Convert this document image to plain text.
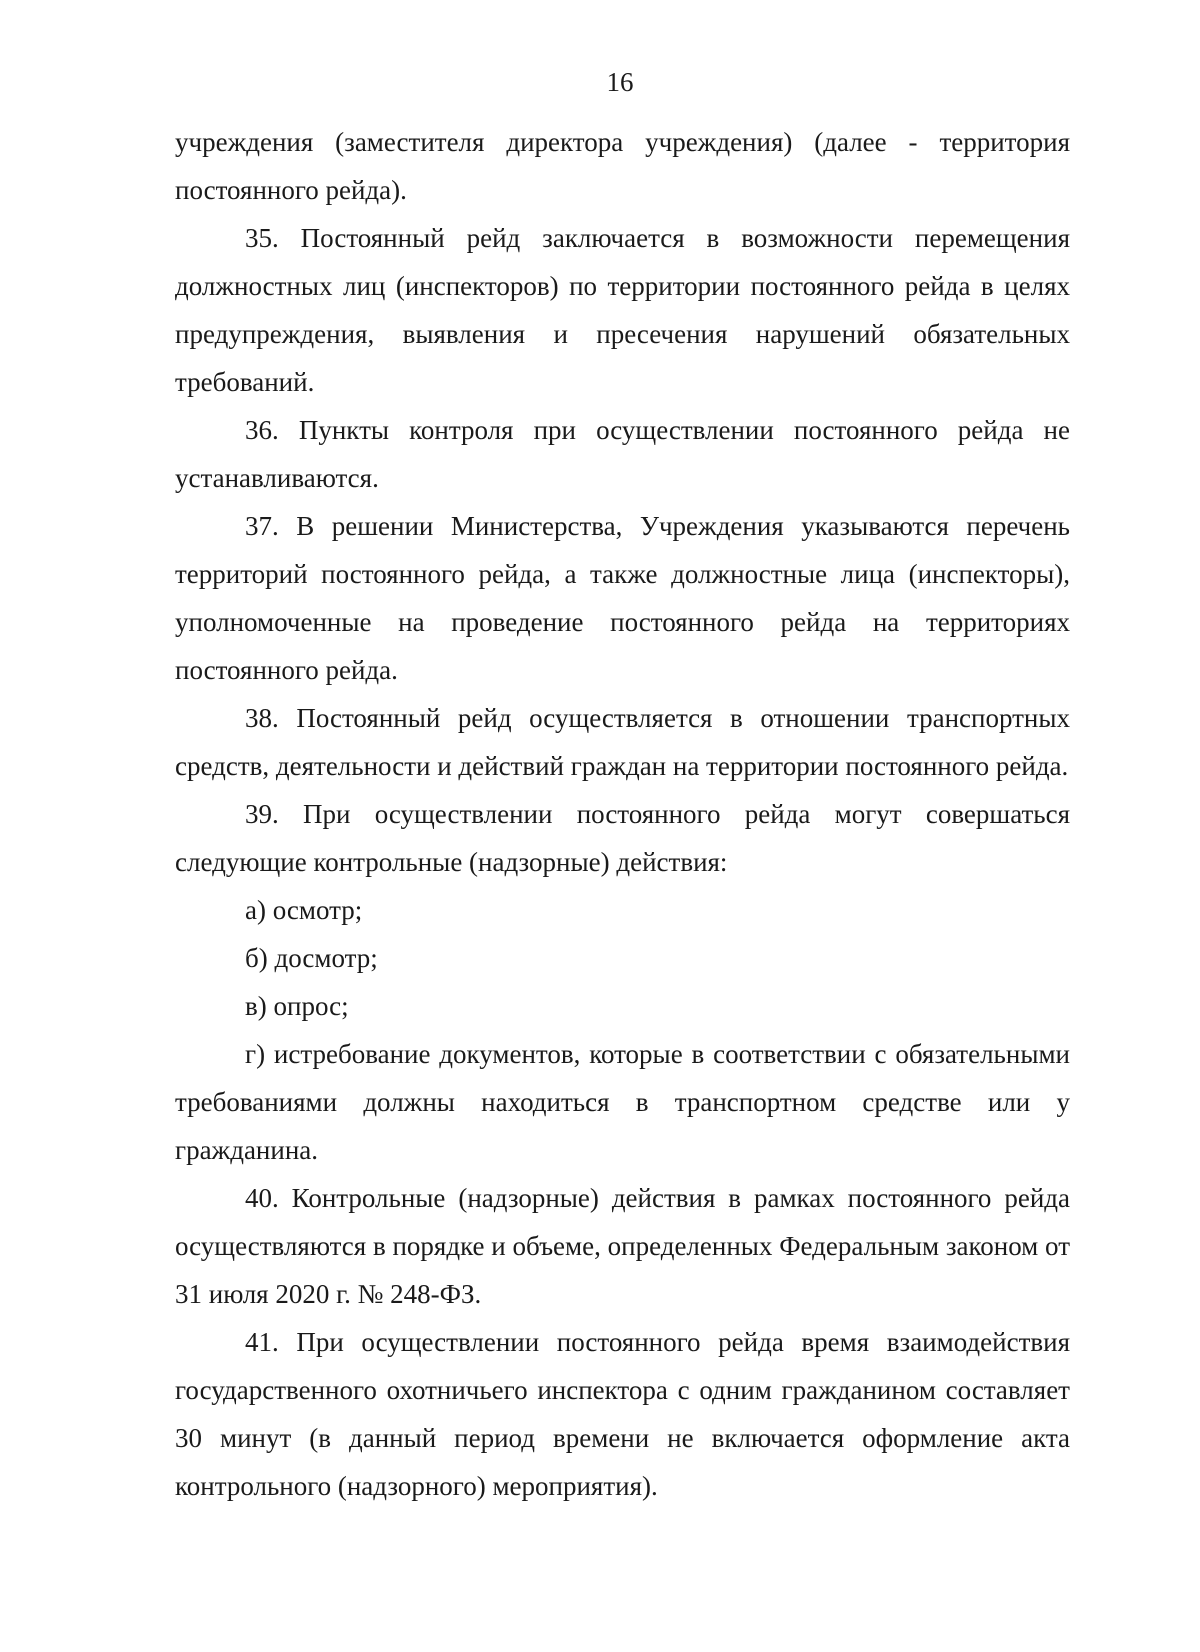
16

учреждения (заместителя директора учреждения) (далее - территория постоянного рейда).

35. Постоянный рейд заключается в возможности перемещения должностных лиц (инспекторов) по территории постоянного рейда в целях предупреждения, выявления и пресечения нарушений обязательных требований.

36. Пункты контроля при осуществлении постоянного рейда не устанавливаются.

37. В решении Министерства, Учреждения указываются перечень территорий постоянного рейда, а также должностные лица (инспекторы), уполномоченные на проведение постоянного рейда на территориях постоянного рейда.

38. Постоянный рейд осуществляется в отношении транспортных средств, деятельности и действий граждан на территории постоянного рейда.

39. При осуществлении постоянного рейда могут совершаться следующие контрольные (надзорные) действия:

а) осмотр;

б) досмотр;

в) опрос;

г) истребование документов, которые в соответствии с обязательными требованиями должны находиться в транспортном средстве или у гражданина.

40. Контрольные (надзорные) действия в рамках постоянного рейда осуществляются в порядке и объеме, определенных Федеральным законом от 31 июля 2020 г. № 248-ФЗ.

41. При осуществлении постоянного рейда время взаимодействия государственного охотничьего инспектора с одним гражданином составляет 30 минут (в данный период времени не включается оформление акта контрольного (надзорного) мероприятия).
